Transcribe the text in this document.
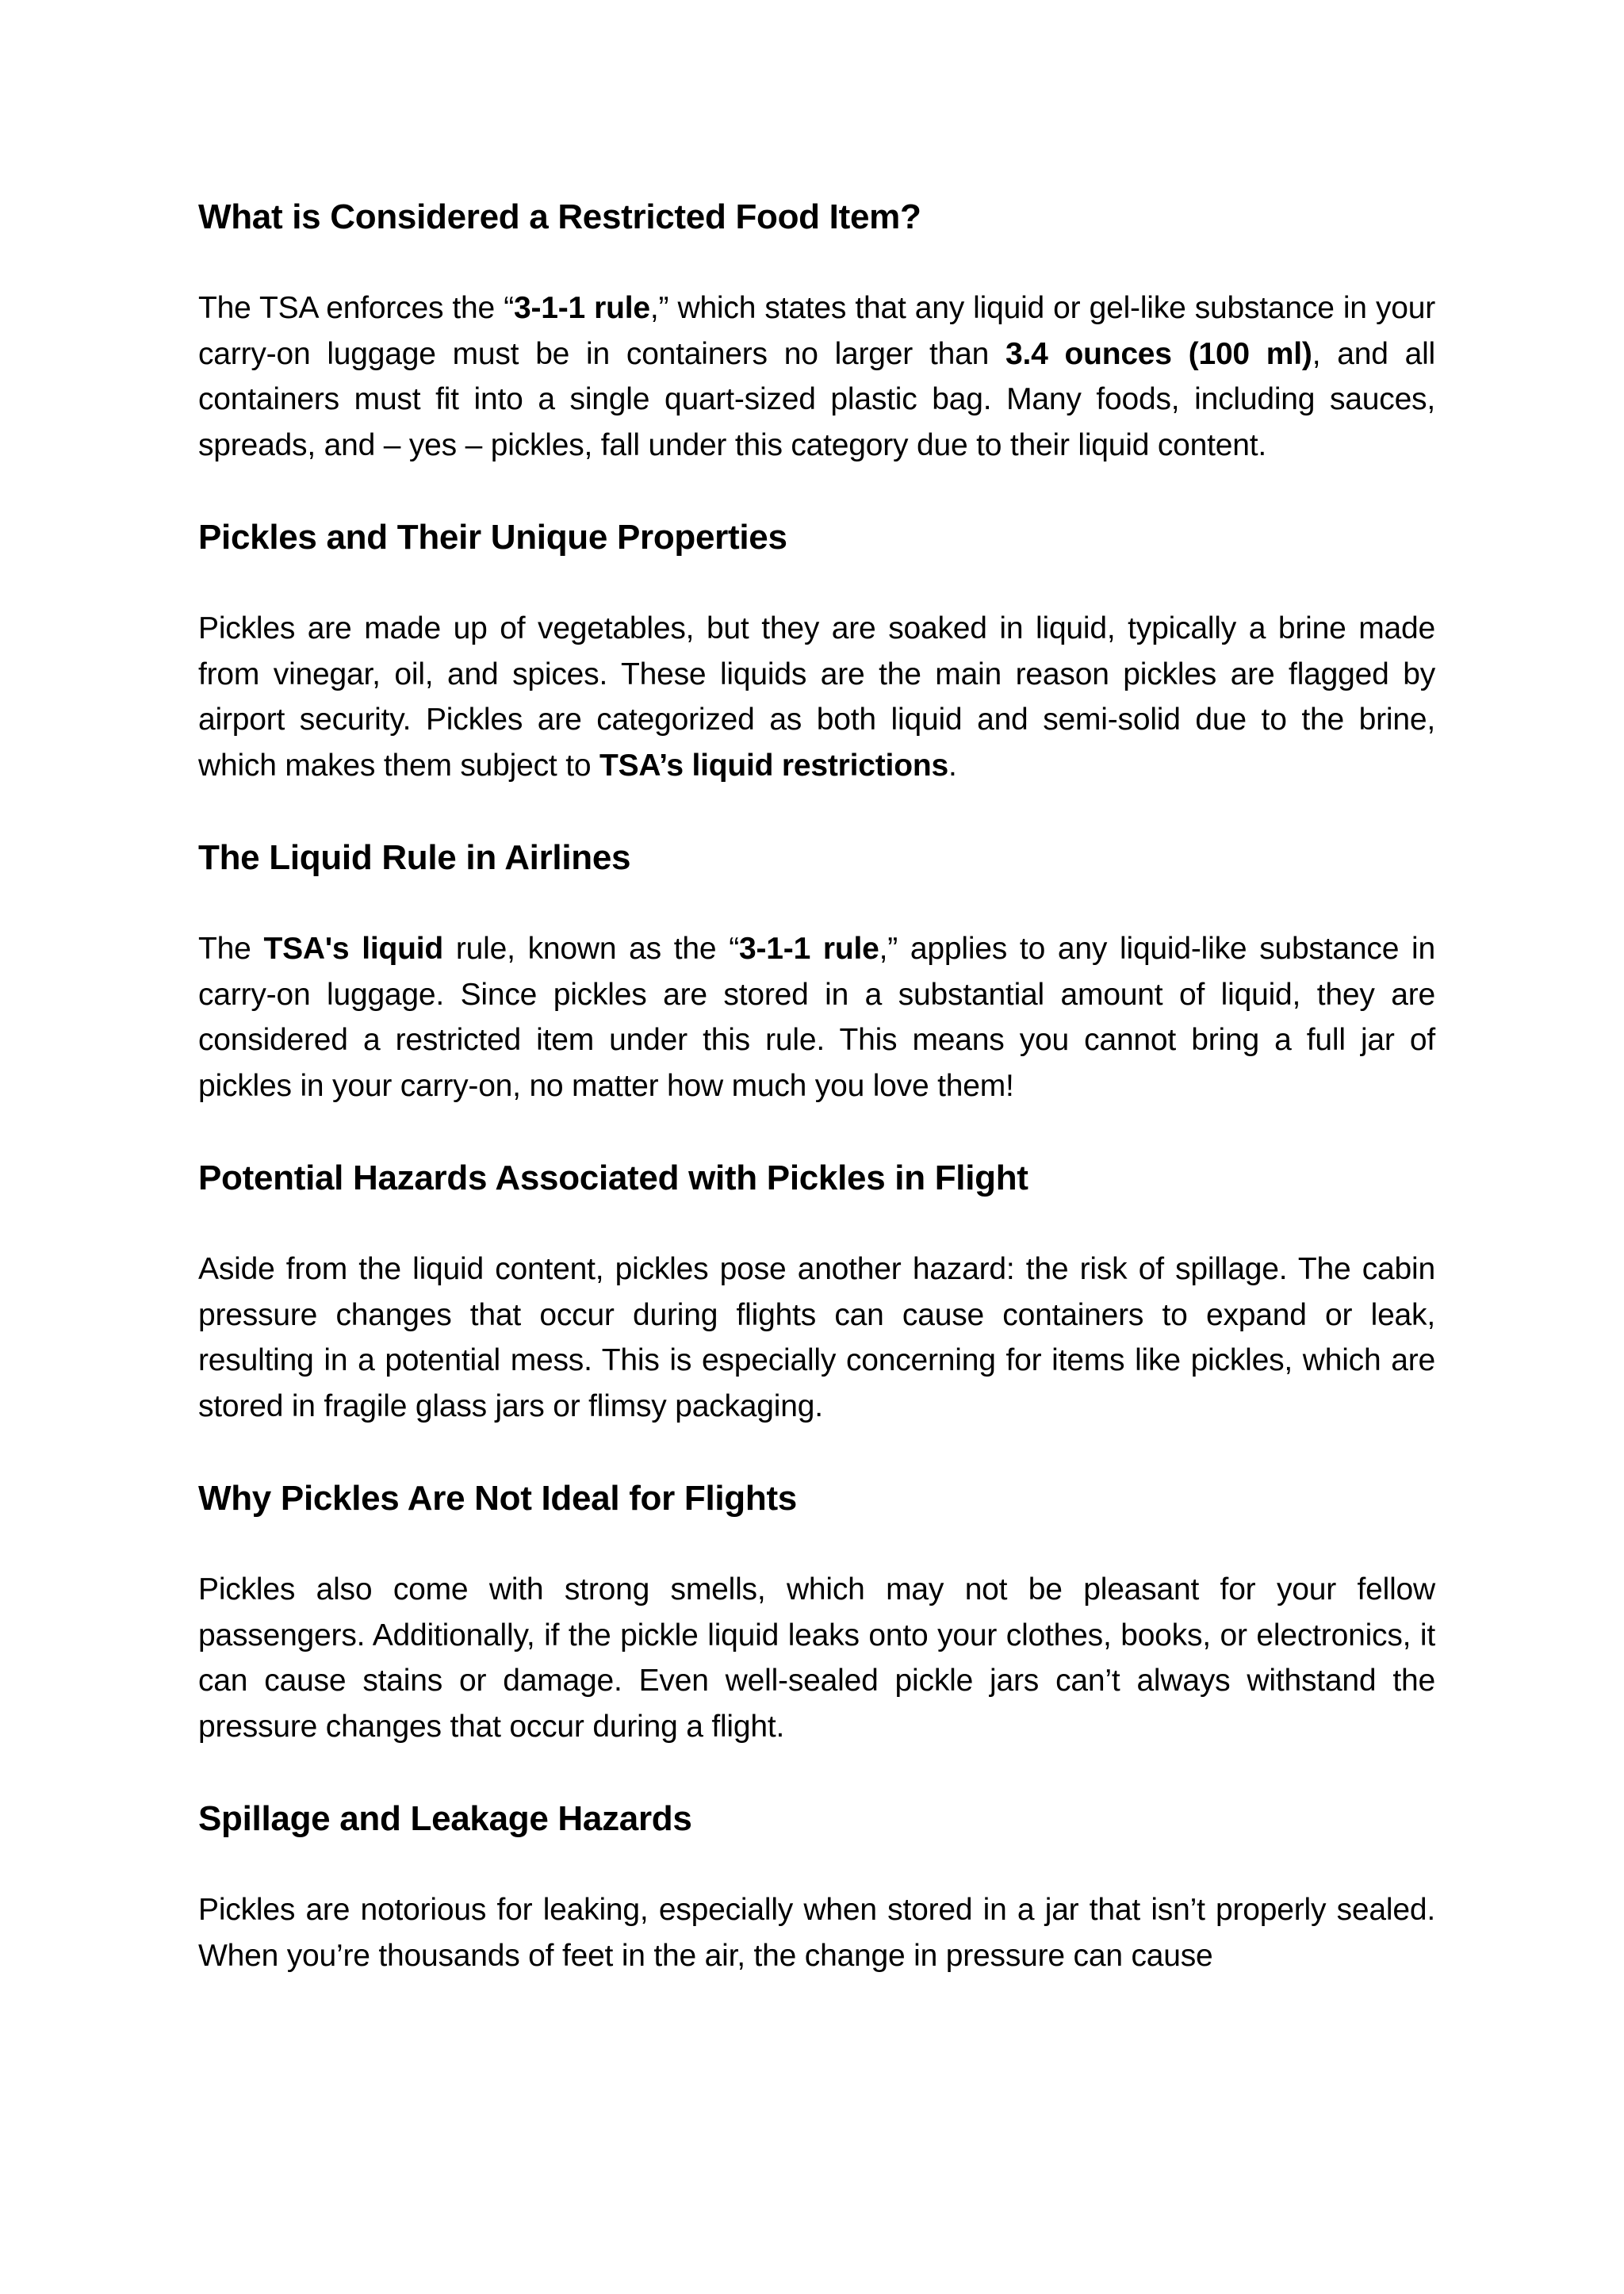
What is Considered a Restricted Food Item?

The TSA enforces the “3-1-1 rule,” which states that any liquid or gel-like substance in your carry-on luggage must be in containers no larger than 3.4 ounces (100 ml), and all containers must fit into a single quart-sized plastic bag. Many foods, including sauces, spreads, and – yes – pickles, fall under this category due to their liquid content.

Pickles and Their Unique Properties

Pickles are made up of vegetables, but they are soaked in liquid, typically a brine made from vinegar, oil, and spices. These liquids are the main reason pickles are flagged by airport security. Pickles are categorized as both liquid and semi-solid due to the brine, which makes them subject to TSA’s liquid restrictions.

The Liquid Rule in Airlines

The TSA's liquid rule, known as the “3-1-1 rule,” applies to any liquid-like substance in carry-on luggage. Since pickles are stored in a substantial amount of liquid, they are considered a restricted item under this rule. This means you cannot bring a full jar of pickles in your carry-on, no matter how much you love them!

Potential Hazards Associated with Pickles in Flight

Aside from the liquid content, pickles pose another hazard: the risk of spillage. The cabin pressure changes that occur during flights can cause containers to expand or leak, resulting in a potential mess. This is especially concerning for items like pickles, which are stored in fragile glass jars or flimsy packaging.

Why Pickles Are Not Ideal for Flights

Pickles also come with strong smells, which may not be pleasant for your fellow passengers. Additionally, if the pickle liquid leaks onto your clothes, books, or electronics, it can cause stains or damage. Even well-sealed pickle jars can’t always withstand the pressure changes that occur during a flight.

Spillage and Leakage Hazards

Pickles are notorious for leaking, especially when stored in a jar that isn’t properly sealed. When you’re thousands of feet in the air, the change in pressure can cause
